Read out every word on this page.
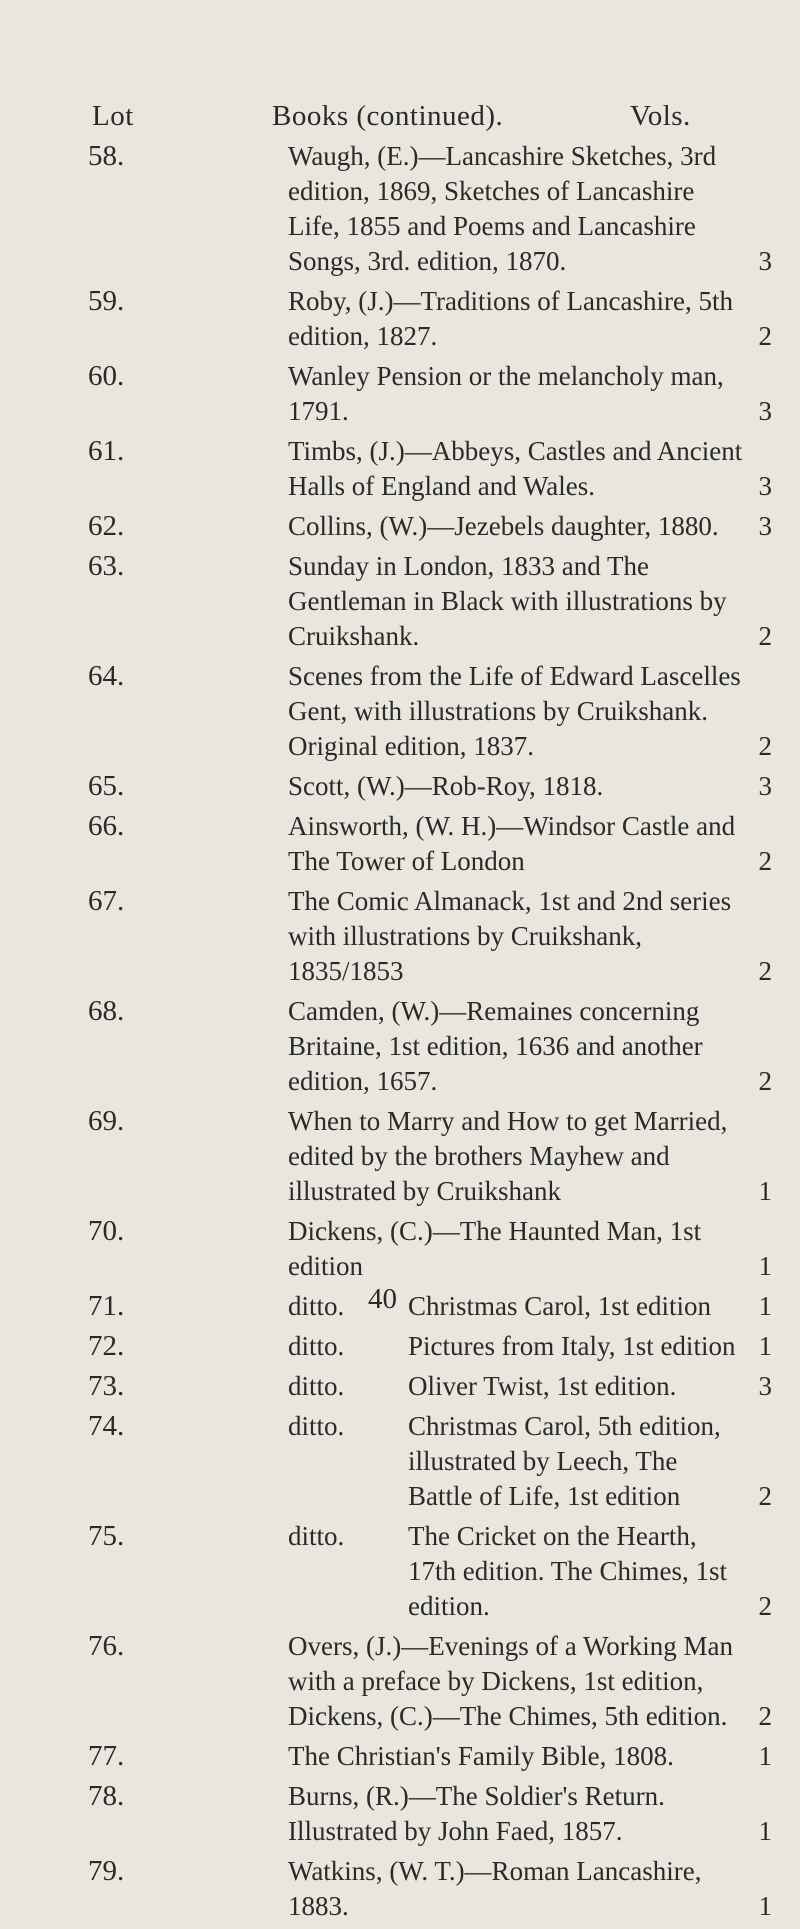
Lot	Books (continued).	Vols.
58.	Waugh, (E.)—Lancashire Sketches, 3rd edition, 1869, Sketches of Lancashire Life, 1855 and Poems and Lancashire Songs, 3rd. edition, 1870.	3
59.	Roby, (J.)—Traditions of Lancashire, 5th edition, 1827.	2
60.	Wanley Pension or the melancholy man, 1791.	3
61.	Timbs, (J.)—Abbeys, Castles and Ancient Halls of England and Wales.	3
62.	Collins, (W.)—Jezebels daughter, 1880.	3
63.	Sunday in London, 1833 and The Gentleman in Black with illustrations by Cruikshank.	2
64.	Scenes from the Life of Edward Lascelles Gent, with illustrations by Cruikshank. Original edition, 1837.	2
65.	Scott, (W.)—Rob-Roy, 1818.	3
66.	Ainsworth, (W. H.)—Windsor Castle and The Tower of London	2
67.	The Comic Almanack, 1st and 2nd series with illustrations by Cruikshank, 1835/1853	2
68.	Camden, (W.)—Remaines concerning Britaine, 1st edition, 1636 and another edition, 1657.	2
69.	When to Marry and How to get Married, edited by the brothers Mayhew and illustrated by Cruikshank	1
70.	Dickens, (C.)—The Haunted Man, 1st edition	1
71.	ditto.	Christmas Carol, 1st edition 1
72.	ditto.	Pictures from Italy, 1st edition 1
73.	ditto.	Oliver Twist, 1st edition.	3
74.	ditto.	Christmas Carol, 5th edition, illustrated by Leech, The Battle of Life, 1st edition	2
75.	ditto.	The Cricket on the Hearth, 17th edition. The Chimes, 1st edition.	2
76.	Overs, (J.)—Evenings of a Working Man with a preface by Dickens, 1st edition, Dickens, (C.)—The Chimes, 5th edition.	2
77.	The Christian's Family Bible, 1808.	1
78.	Burns, (R.)—The Soldier's Return. Illustrated by John Faed, 1857.	1
79.	Watkins, (W. T.)—Roman Lancashire, 1883.	1
40
